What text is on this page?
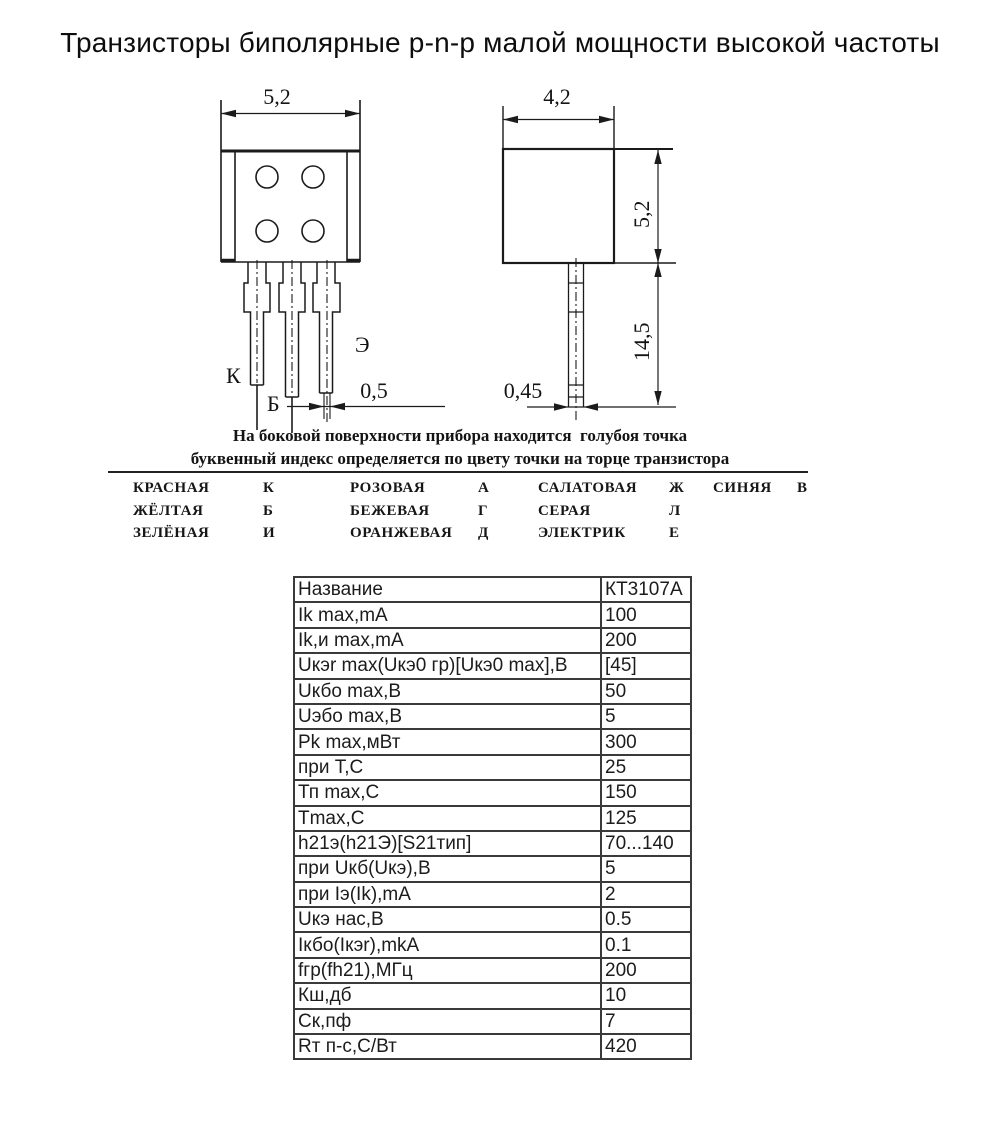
Транзисторы биполярные p-n-p малой мощности высокой частоты
5,2
К
Б
Э
0,5
4,2
5,2
14,5
0,45
На боковой поверхности прибора находится  голубоя точка
буквенный индекс определяется по цвету точки на торце транзистора
КРАСНАЯ	К	РОЗОВАЯ	А	САЛАТОВАЯ	Ж	СИНЯЯ	В
ЖЁЛТАЯ	Б	БЕЖЕВАЯ	Г	СЕРАЯ	Л
ЗЕЛЁНАЯ	И	ОРАНЖЕВАЯ	Д	ЭЛЕКТРИК	Е
Название	КТ3107А
Ik max,mA	100
Ik,и max,mA	200
Uкэr max(Uкэ0 гр)[Uкэ0 max],В	[45]
Uкбо max,В	50
Uэбо max,В	5
Pk max,мВт	300
при Т,С	25
Тп max,С	150
Tmax,С	125
h21э(h21Э)[S21тип]	70...140
при Uкб(Uкэ),В	5
при Iэ(Ik),mA	2
Uкэ нас,В	0.5
Iкбо(Iкэr),mkA	0.1
fгр(fh21),МГц	200
Кш,дб	10
Ск,пф	7
Rт п-с,С/Вт	420
